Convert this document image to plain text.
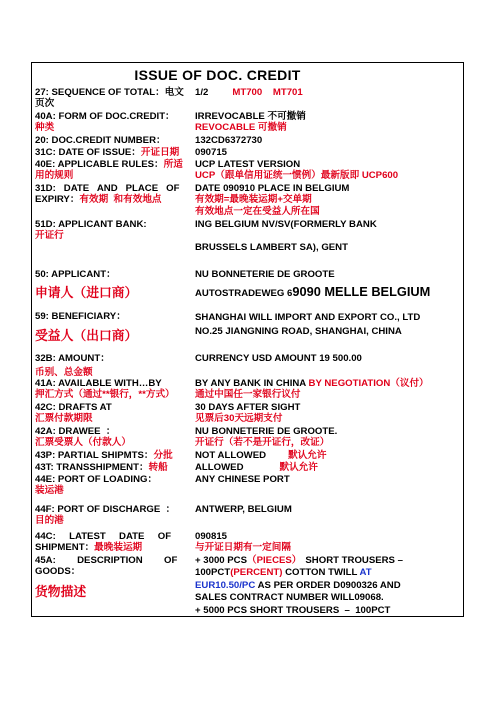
ISSUE OF DOC. CREDIT
27: SEQUENCE OF TOTAL：电文
页次
1/2	MT700    MT701
40A: FORM OF DOC.CREDIT：
种类
IRREVOCABLE 不可撤销
REVOCABLE 可撤销
20: DOC.CREDIT NUMBER：	132CD6372730
31C: DATE OF ISSUE：开证日期	090715
40E: APPLICABLE RULES：所适
用的规则
UCP LATEST VERSION
UCP（跟单信用证统一惯例）最新版即 UCP600
31D:   DATE   AND   PLACE   OF
EXPIRY：有效期  和有效地点
DATE 090910 PLACE IN BELGIUM
有效期=最晚装运期+交单期
有效地点一定在受益人所在国
51D: APPLICANT BANK:
开证行
ING BELGIUM NV/SV(FORMERLY BANK
BRUSSELS LAMBERT SA), GENT
50: APPLICANT：
申请人（进口商）
NU BONNETERIE DE GROOTE
AUTOSTRADEWEG 69090 MELLE BELGIUM
59: BENEFICIARY：
受益人（出口商）
SHANGHAI WILL IMPORT AND EXPORT CO., LTD
NO.25 JIANGNING ROAD, SHANGHAI, CHINA
32B: AMOUNT：
币别、总金额
CURRENCY USD AMOUNT 19 500.00
41A: AVAILABLE WITH…BY
押汇方式（通过**银行，**方式）
BY ANY BANK IN CHINA BY NEGOTIATION（议付）
通过中国任一家银行议付
42C: DRAFTS AT
汇票付款期限
30 DAYS AFTER SIGHT
见票后30天远期支付
42A: DRAWEE  ：
汇票受票人（付款人）
NU BONNETERIE DE GROOTE.
开证行（若不是开证行，改证）
43P: PARTIAL SHIPMTS：分批	NOT ALLOWED 默认允许
43T: TRANSSHIPMENT：转船	ALLOWED	默认允许
44E: PORT OF LOADING：
装运港
ANY CHINESE PORT
44F: PORT OF DISCHARGE  ：
目的港
ANTWERP, BELGIUM
44C:     LATEST     DATE     OF
SHIPMENT：最晚装运期
090815
与开证日期有一定间隔
45A:        DESCRIPTION        OF
GOODS：
货物描述
+ 3000 PCS（PIECES） SHORT TROUSERS –
100PCT(PERCENT) COTTON TWILL AT
EUR10.50/PC AS PER ORDER D0900326 AND
SALES CONTRACT NUMBER WILL09068.
+ 5000 PCS SHORT TROUSERS  –  100PCT
